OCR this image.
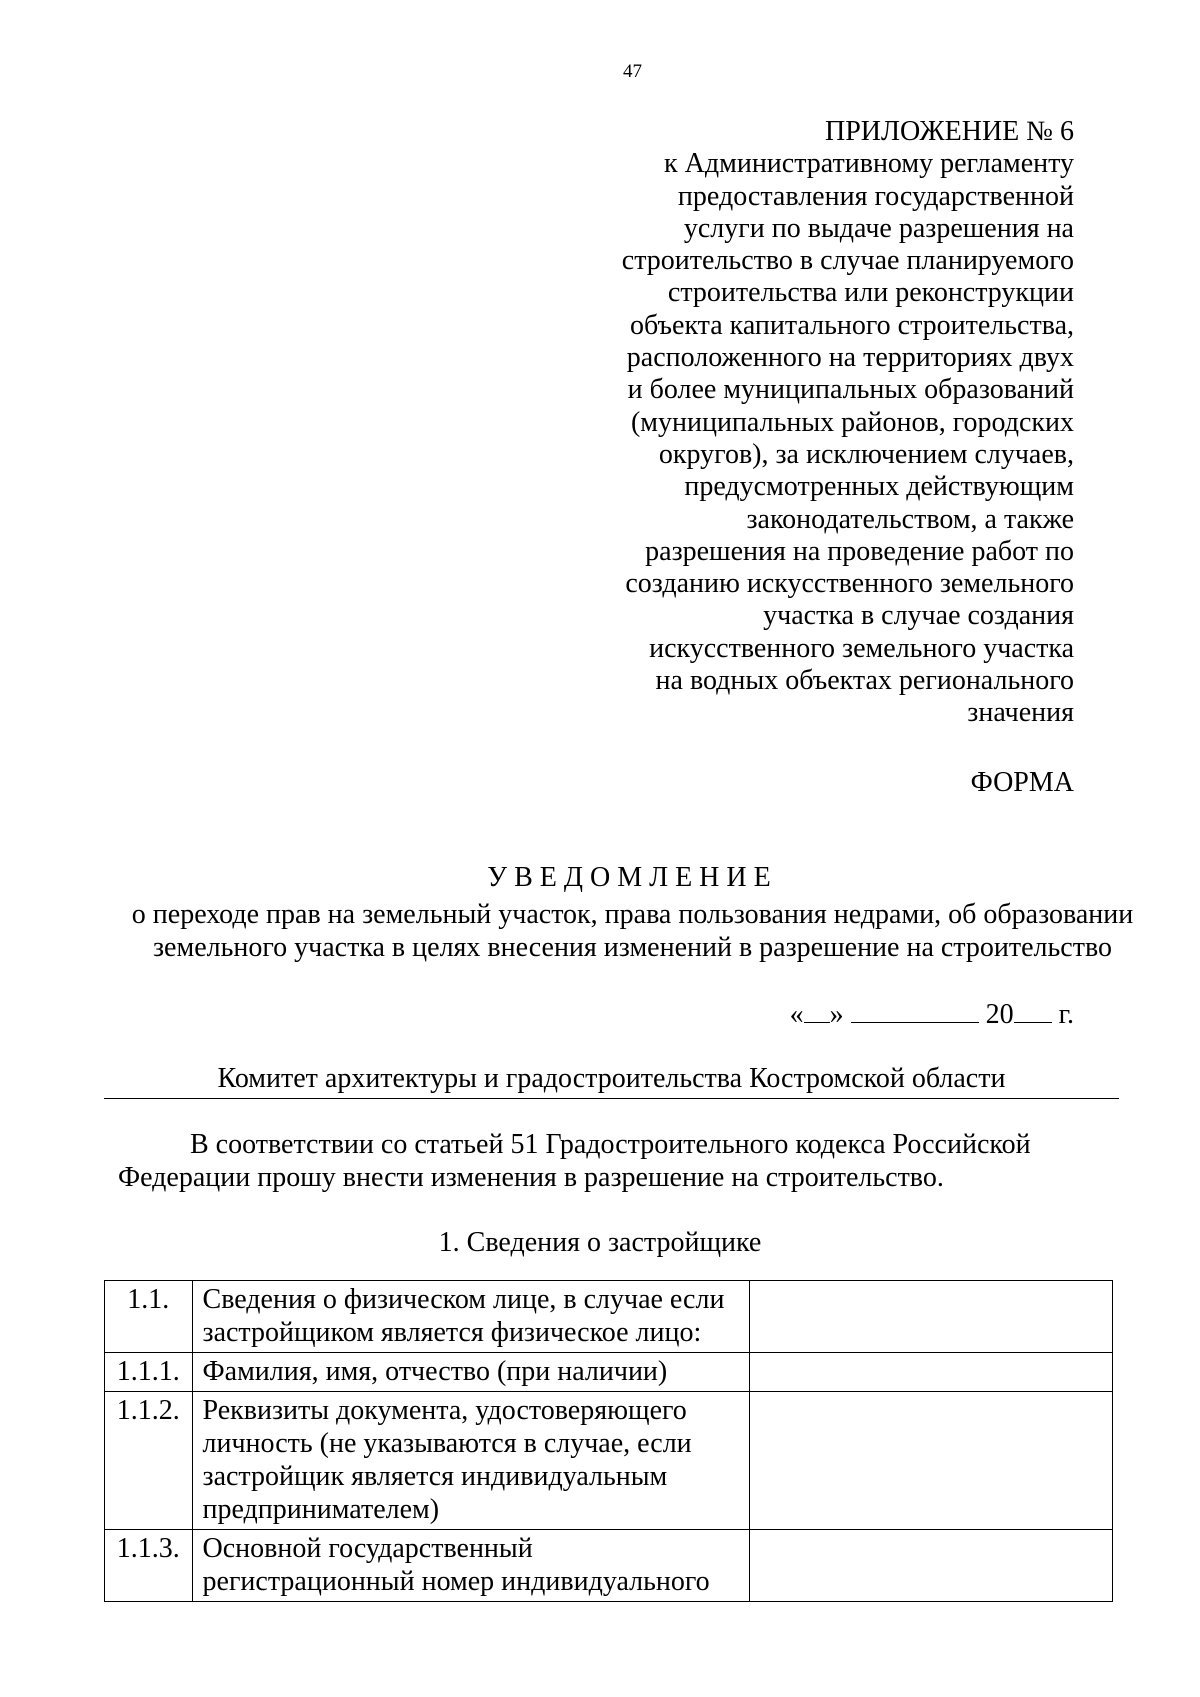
47
ПРИЛОЖЕНИЕ № 6
к Административному регламенту
предоставления государственной
услуги по выдаче разрешения на
строительство в случае планируемого
строительства или реконструкции
объекта капитального строительства,
расположенного на территориях двух
и более муниципальных образований
(муниципальных районов, городских
округов), за исключением случаев,
предусмотренных действующим
законодательством, а также
разрешения на проведение работ по
созданию искусственного земельного
участка в случае создания
искусственного земельного участка
на водных объектах регионального
значения
ФОРМА
УВЕДОМЛЕНИЕ
о переходе прав на земельный участок, права пользования недрами, об образовании
земельного участка в целях внесения изменений в разрешение на строительство
« »	20 г.
Комитет архитектуры и градостроительства Костромской области
В соответствии со статьей 51 Градостроительного кодекса Российской
Федерации прошу внести изменения в разрешение на строительство.
1. Сведения о застройщике
1.1.	Сведения о физическом лице, в случае если застройщиком является физическое лицо:	
1.1.1.	Фамилия, имя, отчество (при наличии)	
1.1.2.	Реквизиты документа, удостоверяющего личность (не указываются в случае, если застройщик является индивидуальным предпринимателем)	
1.1.3.	Основной государственный регистрационный номер индивидуального	
